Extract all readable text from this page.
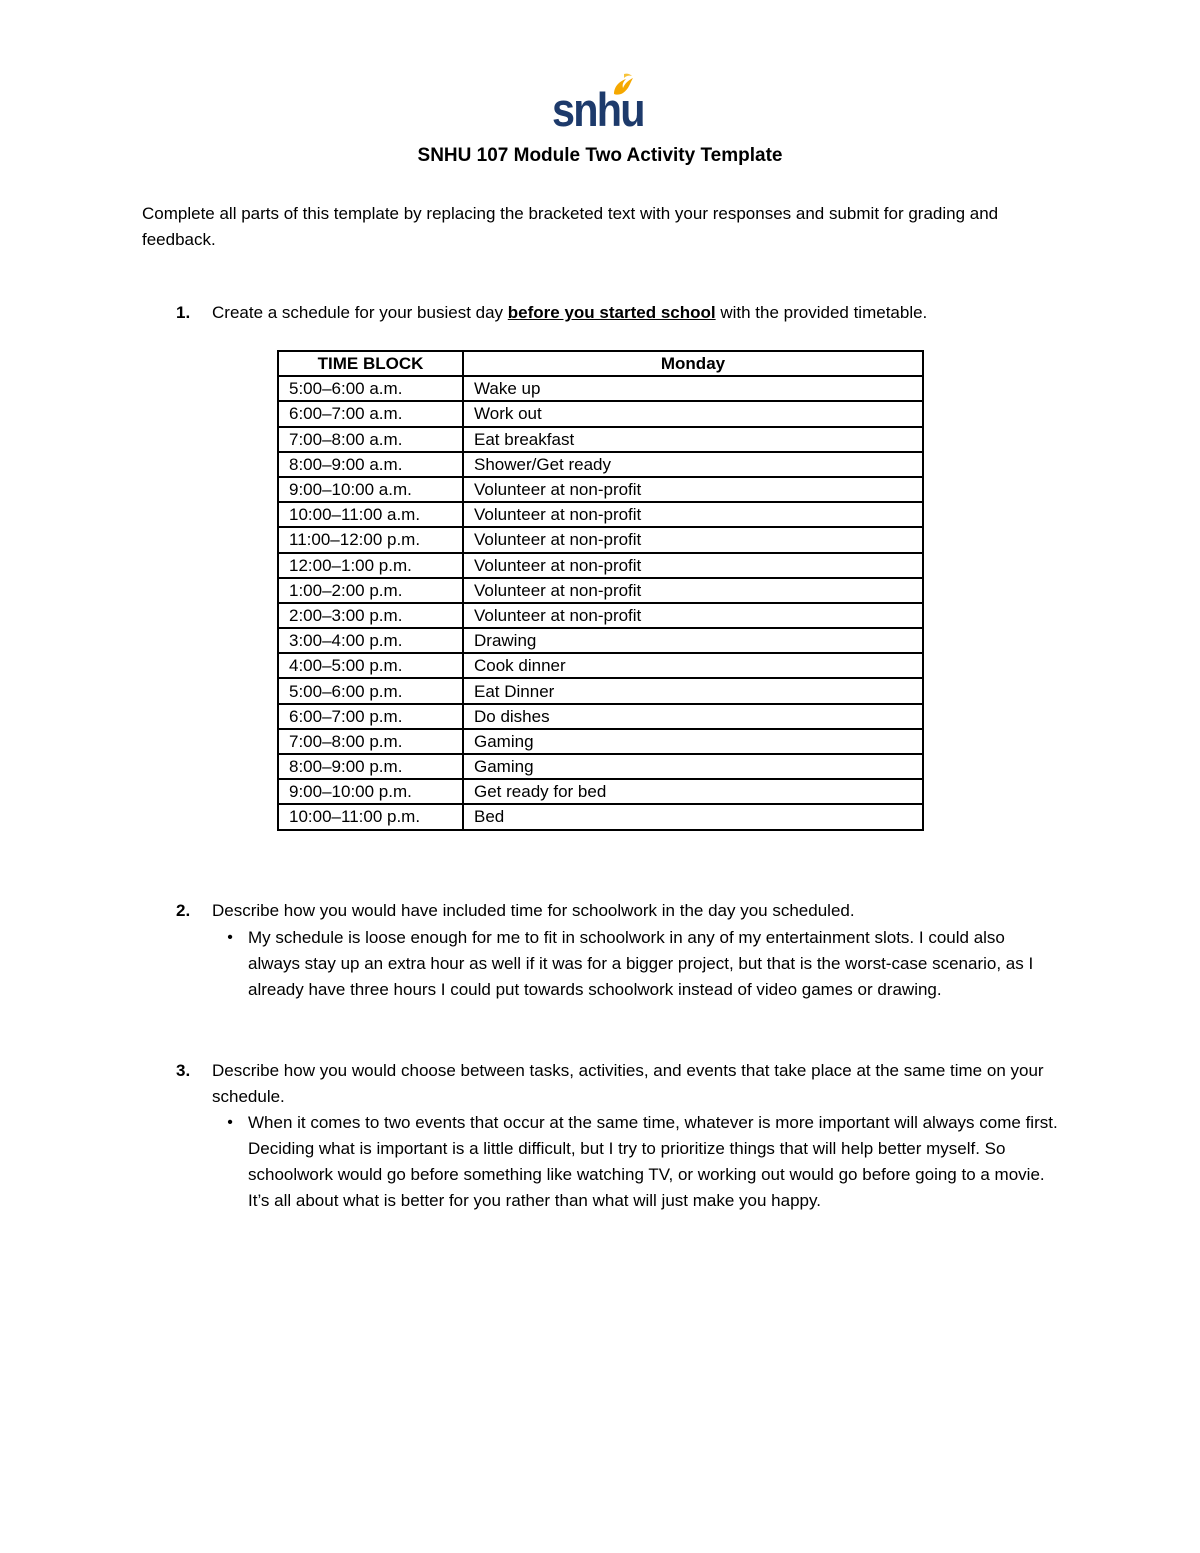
snhu
SNHU 107 Module Two Activity Template
Complete all parts of this template by replacing the bracketed text with your responses and submit for grading and feedback.
1. Create a schedule for your busiest day before you started school with the provided timetable.
TIME BLOCK	Monday
5:00–6:00 a.m.	Wake up
6:00–7:00 a.m.	Work out
7:00–8:00 a.m.	Eat breakfast
8:00–9:00 a.m.	Shower/Get ready
9:00–10:00 a.m.	Volunteer at non-profit
10:00–11:00 a.m.	Volunteer at non-profit
11:00–12:00 p.m.	Volunteer at non-profit
12:00–1:00 p.m.	Volunteer at non-profit
1:00–2:00 p.m.	Volunteer at non-profit
2:00–3:00 p.m.	Volunteer at non-profit
3:00–4:00 p.m.	Drawing
4:00–5:00 p.m.	Cook dinner
5:00–6:00 p.m.	Eat Dinner
6:00–7:00 p.m.	Do dishes
7:00–8:00 p.m.	Gaming
8:00–9:00 p.m.	Gaming
9:00–10:00 p.m.	Get ready for bed
10:00–11:00 p.m.	Bed
2. Describe how you would have included time for schoolwork in the day you scheduled.
• My schedule is loose enough for me to fit in schoolwork in any of my entertainment slots. I could also always stay up an extra hour as well if it was for a bigger project, but that is the worst-case scenario, as I already have three hours I could put towards schoolwork instead of video games or drawing.
3. Describe how you would choose between tasks, activities, and events that take place at the same time on your schedule.
• When it comes to two events that occur at the same time, whatever is more important will always come first. Deciding what is important is a little difficult, but I try to prioritize things that will help better myself. So schoolwork would go before something like watching TV, or working out would go before going to a movie. It’s all about what is better for you rather than what will just make you happy.
